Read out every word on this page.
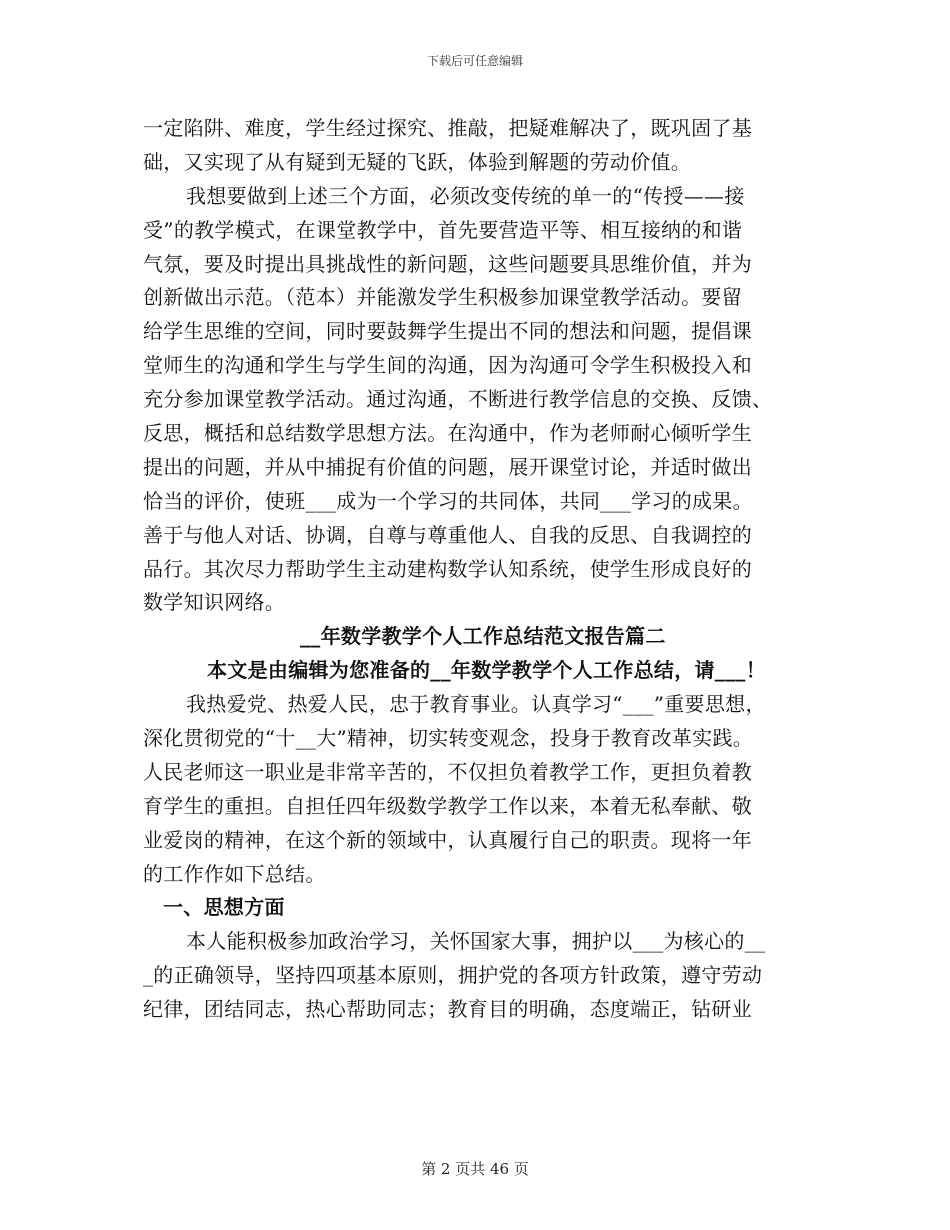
下载后可任意编辑
一定陷阱、难度，学生经过探究、推敲，把疑难解决了，既巩固了基
础，又实现了从有疑到无疑的飞跃，体验到解题的劳动价值。
我想要做到上述三个方面，必须改变传统的单一的“传授——接
受”的教学模式，在课堂教学中，首先要营造平等、相互接纳的和谐
气氛，要及时提出具挑战性的新问题，这些问题要具思维价值，并为
创新做出示范。（范本）并能激发学生积极参加课堂教学活动。要留
给学生思维的空间，同时要鼓舞学生提出不同的想法和问题，提倡课
堂师生的沟通和学生与学生间的沟通，因为沟通可令学生积极投入和
充分参加课堂教学活动。通过沟通，不断进行教学信息的交换、反馈、
反思，概括和总结数学思想方法。在沟通中，作为老师耐心倾听学生
提出的问题，并从中捕捉有价值的问题，展开课堂讨论，并适时做出
恰当的评价，使班___成为一个学习的共同体，共同___学习的成果。
善于与他人对话、协调，自尊与尊重他人、自我的反思、自我调控的
品行。其次尽力帮助学生主动建构数学认知系统，使学生形成良好的
数学知识网络。
__年数学教学个人工作总结范文报告篇二
本文是由编辑为您准备的__年数学教学个人工作总结，请___！
我热爱党、热爱人民，忠于教育事业。认真学习“___”重要思想，
深化贯彻党的“十__大”精神，切实转变观念，投身于教育改革实践。
人民老师这一职业是非常辛苦的，不仅担负着教学工作，更担负着教
育学生的重担。自担任四年级数学教学工作以来，本着无私奉献、敬
业爱岗的精神，在这个新的领域中，认真履行自己的职责。现将一年
的工作作如下总结。
一、思想方面
本人能积极参加政治学习，关怀国家大事，拥护以___为核心的__
_的正确领导，坚持四项基本原则，拥护党的各项方针政策，遵守劳动
纪律，团结同志，热心帮助同志；教育目的明确，态度端正，钻研业
第 2 页共 46 页
